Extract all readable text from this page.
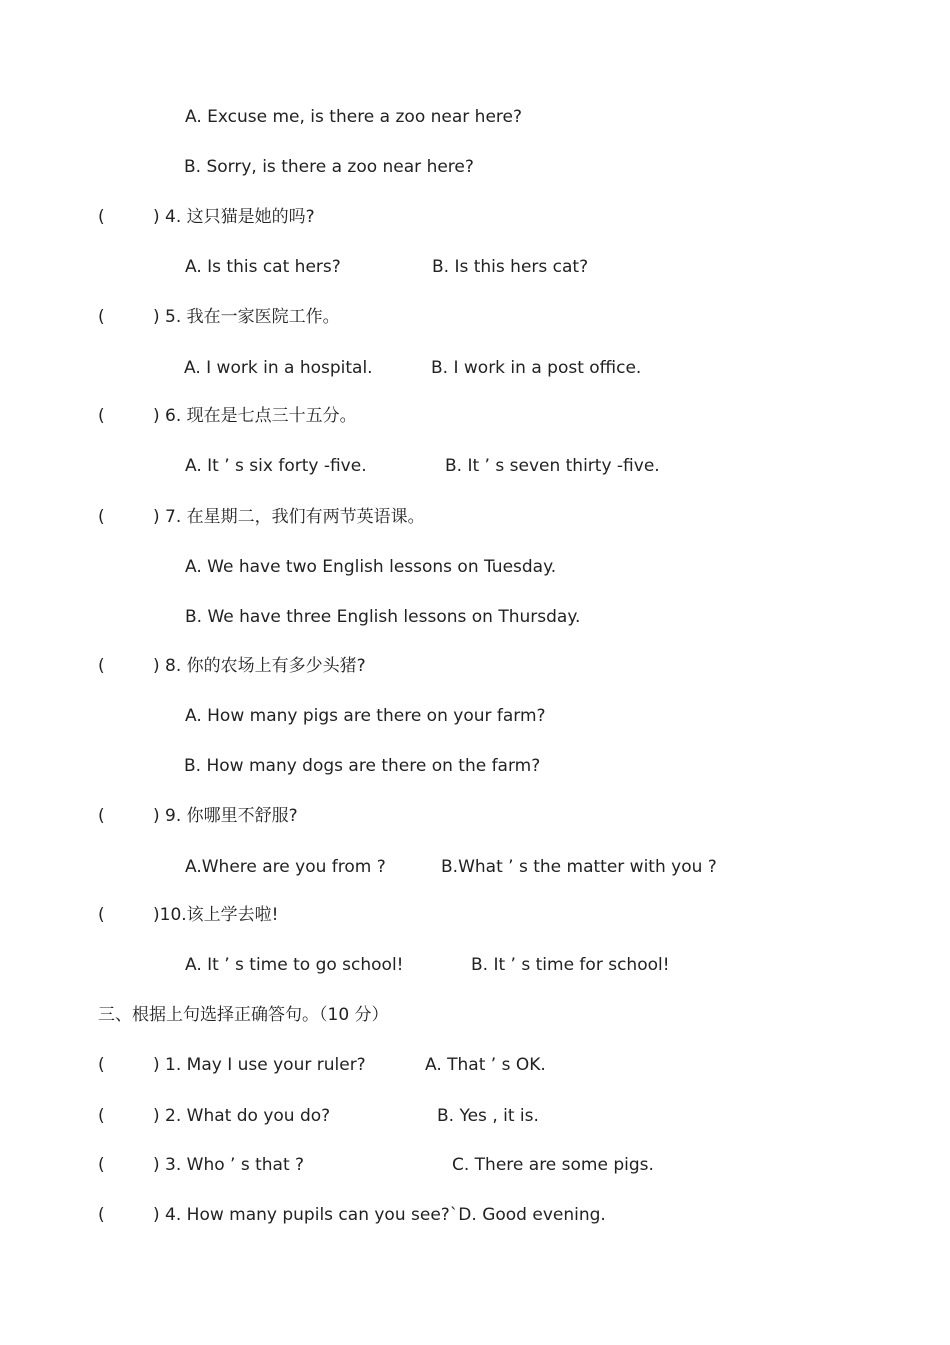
A. Excuse me, is there a zoo near here?
B. Sorry, is there a zoo near here?
(	) 4. 这只猫是她的吗?
A. Is this cat hers?	B. Is this hers cat?
(	) 5. 我在一家医院工作。
A. I work in a hospital.	B. I work in a post office.
(	) 6. 现在是七点三十五分。
A. It ’ s six forty -five.	B. It ’ s seven thirty -five.
(	) 7. 在星期二，我们有两节英语课。
A. We have two English lessons on Tuesday.
B. We have three English lessons on Thursday.
(	) 8. 你的农场上有多少头猪?
A. How many pigs are there on your farm?
B. How many dogs are there on the farm?
(	) 9. 你哪里不舒服?
A.Where are you from ?	B.What ’ s the matter with you ?
(	)10.该上学去啦!
A. It ’ s time to go school!	B. It ’ s time for school!
三、根据上句选择正确答句。（10 分）
(	) 1. May I use your ruler?	A. That ’ s OK.
(	) 2. What do you do?	B. Yes , it is.
(	) 3. Who ’ s that ?	C. There are some pigs.
(	) 4. How many pupils can you see?`D. Good evening.
